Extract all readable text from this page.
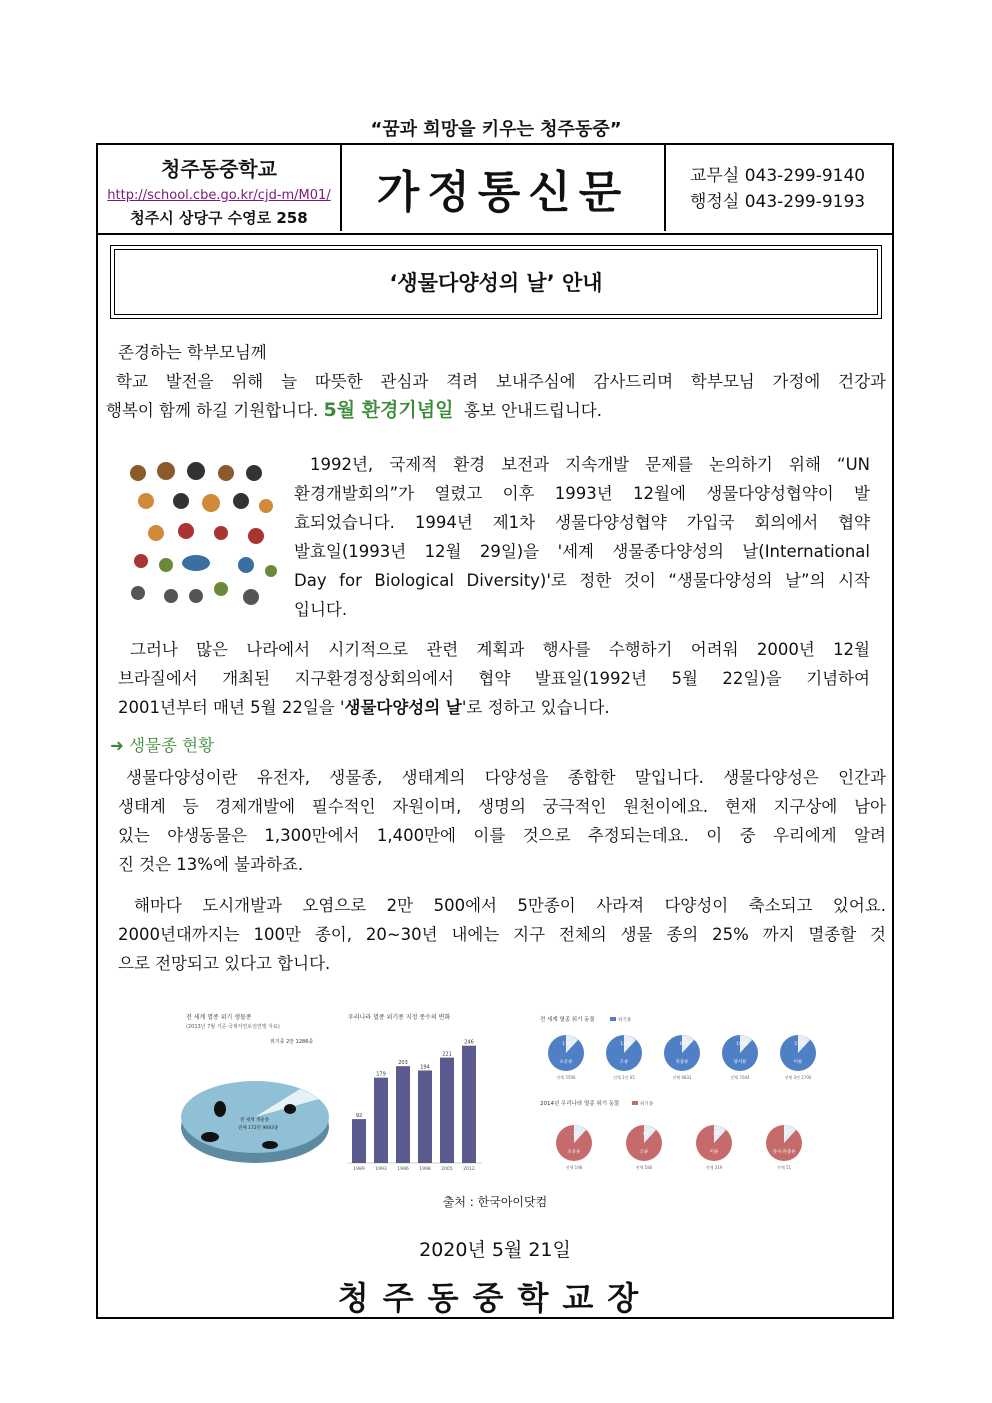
“꿈과 희망을 키우는 청주동중”
청주동중학교
http://school.cbe.go.kr/cjd-m/M01/
청주시 상당구 수영로 258	가정통신문	교무실 043-299-9140
행정실 043-299-9193
‘생물다양성의 날’ 안내
존경하는 학부모님께
학교 발전을 위해 늘 따뜻한 관심과 격려 보내주심에 감사드리며 학부모님 가정에 건강과
행복이 함께 하길 기원합니다. 5월 환경기념일 홍보 안내드립니다.
1992년, 국제적 환경 보전과 지속개발 문제를 논의하기 위해 “UN
환경개발회의”가 열렸고 이후 1993년 12월에 생물다양성협약이 발
효되었습니다. 1994년 제1차 생물다양성협약 가입국 회의에서 협약
발효일(1993년 12월 29일)을 '세계 생물종다양성의 날(International
Day for Biological Diversity)'로 정한 것이 “생물다양성의 날”의 시작
입니다.
그러나 많은 나라에서 시기적으로 관련 계획과 행사를 수행하기 어려워 2000년 12월
브라질에서 개최된 지구환경정상회의에서 협약 발표일(1992년 5월 22일)을 기념하여
2001년부터 매년 5월 22일을 '생물다양성의 날'로 정하고 있습니다.
➜ 생물종 현황
생물다양성이란 유전자, 생물종, 생태계의 다양성을 종합한 말입니다. 생물다양성은 인간과
생태계 등 경제개발에 필수적인 자원이며, 생명의 궁극적인 원천이에요. 현재 지구상에 남아
있는 야생동물은 1,300만에서 1,400만에 이를 것으로 추정되는데요. 이 중 우리에게 알려
진 것은 13%에 불과하죠.
해마다 도시개발과 오염으로 2만 500에서 5만종이 사라져 다양성이 축소되고 있어요.
2000년대까지는 100만 종이, 20~30년 내에는 지구 전체의 생물 종의 25% 까지 멸종할 것
으로 전망되고 있다고 합니다.
전 세계 멸종 위기 생물종
(2013년 7월 기준·국제자연보전연맹 자료)
위기종 2만 1286종
전 세계 생물종
전체 172만 9693종
우리나라 멸종 위기종 지정 종수의 변화
92
1989
179
1993
203
1996
194
1998
221
2005
246
2012
전 세계 멸종 위기 동물	위기종
1143
포유류
전체 5506
1308
조류
전체 1만 65
676
파충류
전체 9831
1950
양서류
전체 7044
2170
어류
전체 3만 2700
2014년 우리나라 멸종 위기 동물	위기종
20
포유류
전체 198
61
조류
전체 580
26
어류
전체 319
7
양서·파충류
전체 51
출처 : 한국아이닷컴
2020년 5월 21일
청주동중학교장
